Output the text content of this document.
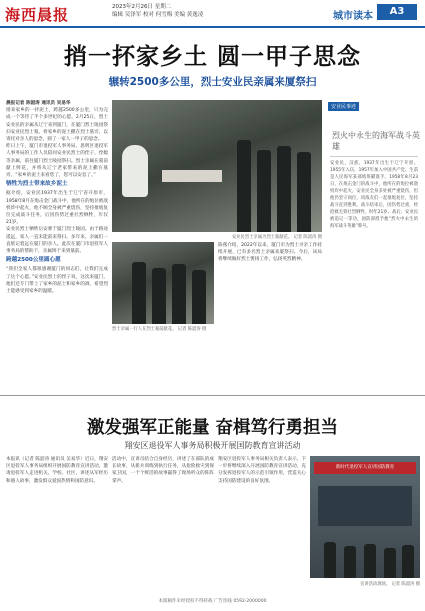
海西晨报	2023年2月26日 星期二
编辑 吴泽军 校对 何雪梅 美编 黄逸凌	城市读本	A3
捎一抔家乡土 圆一甲子思念
辗转2500多公里，烈士安业民亲属来厦祭扫
晨报记者 陈韶涛 通讯员 吴易华

捎来家乡的一抔泥土，跨越2500多公里，只为完成一个等待了半个多世纪的心愿。2月25日，烈士安业民的亲属从辽宁来到厦门，在厦门烈士陵园祭扫安业民烈士墓，将家乡的泥土撒在烈士墓旁，以寄托对亲人的思念，圆了一家人一甲子的思念。

昨日上午，厦门市退役军人事务局、思明区退役军人事务局的工作人员陪同安业民烈士的侄子、侄媳等亲属，前往厦门烈士陵园祭扫。烈士亲属在墓前献上鲜花，并将从辽宁老家带来的泥土撒在墓旁。“家乡的泥土来看您了，您可以安息了。”

牺牲为烈士带来故乡泥土

据介绍，安业民1937年出生于辽宁省开原市，1958年8月在炮击金门战斗中，他所在的炮位被敌机炸中起火，他不顾全身被严重烧伤，坚持推炮复位完成战斗任务，后因伤势过重壮烈牺牲，年仅21岁。

安业民烈士牺牲后安葬于厦门烈士陵园。由于路途遥远，家人一直未能前来祭扫。多年来，亲属们一直惦记着远在厦门的亲人。此次在厦门市退役军人事务局的帮助下，亲属终于来到墓前。

跨越2500公里圆心愿

“我们全家人都很感谢厦门的同志们，让我们完成了这个心愿。”安业民烈士的侄子说，这次来厦门，他们还专门带上了家乡的泥土和家乡的酒，希望烈士能感受到家乡的温暖。

安业民烈士亲属为烈士墓献花。 记者 陈韶涛 摄
烈士亲属一行人在烈士墓前献花。 记者 陈韶涛 摄

陈燕介绍，2022年以来，厦门市为烈士寻亲工作持续开展，已有多名烈士亲属来厦祭扫。今后，该局将继续做好烈士褒扬工作，弘扬英烈精神。

安业民事迹
烈火中永生的海军战斗英雄
安业民，汉族，1937年出生于辽宁开原。1955年入伍，1957年加入中国共产党。生前是人民海军某部炮班瞄准手。1958年8月23日，在炮击金门的战斗中，他所在的炮位被敌机炸中起火，安业民全身多处被严重烧伤，但他仍坚守岗位，同战友们一起推炮复位，坚持战斗直到胜利。战斗结束后，因伤势过重，经抢救无效壮烈牺牲，时年21岁。战后，安业民被追记一等功，国防部授予他“烈火中永生的海军战斗英雄”称号。
激发强军正能量 奋楫笃行勇担当
翔安区退役军人事务局积极开展国防教育宣讲活动

本报讯（记者 陈韶涛 通讯员 吴易华）近日，翔安区退役军人事务局组织开展国防教育宣讲活动，邀请退役军人走进机关、学校、社区，讲述从军经历和感人故事，激发群众爱国热情和国防意识。

活动中，宣讲员结合自身经历，讲述了在部队的成长故事，从新兵训练到执行任务，从抢险救灾到保家卫国，一个个鲜活的故事赢得了现场听众的阵阵掌声。

翔安区退役军人事务局相关负责人表示，下一步将继续深入开展国防教育宣讲活动，充分发挥退役军人的示范引领作用，营造关心支持国防建设的良好氛围。

新时代退役军人宣讲国防教育
宣讲活动现场。 记者 陈韶涛 摄
本版稿件未经授权不得转载 广告热线 0592-2000000
